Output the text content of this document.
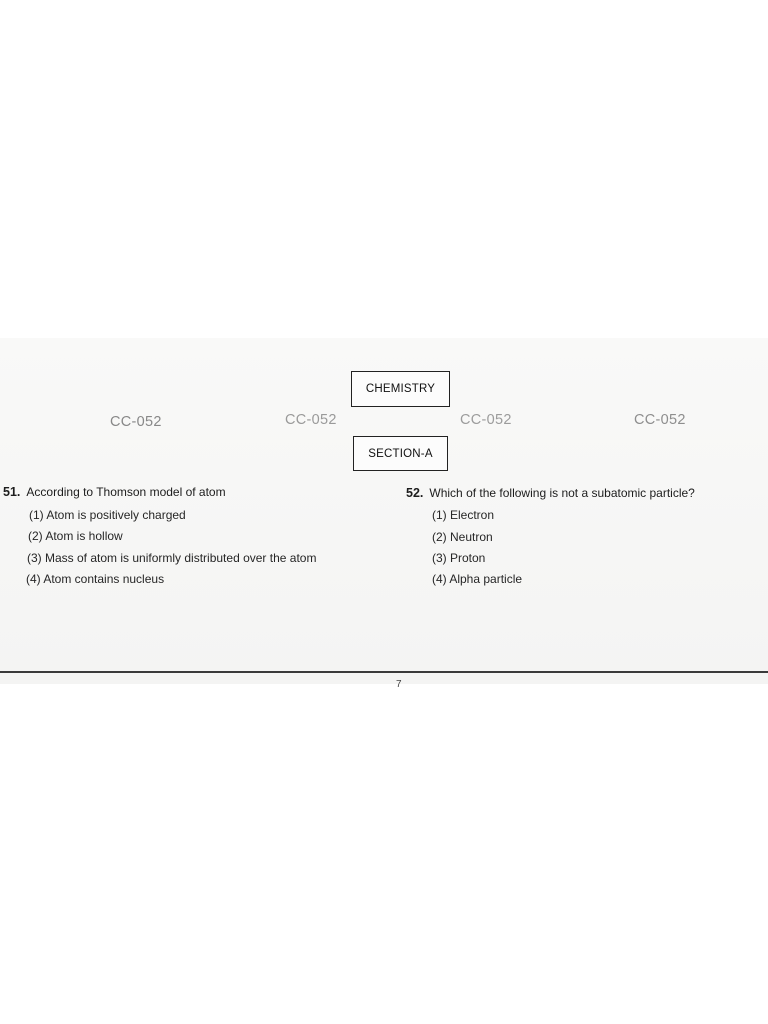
CHEMISTRY
CC-052	CC-052	CC-052	CC-052
SECTION-A
51. According to Thomson model of atom
(1) Atom is positively charged
(2) Atom is hollow
(3) Mass of atom is uniformly distributed over the atom
(4) Atom contains nucleus
52. Which of the following is not a subatomic particle?
(1) Electron
(2) Neutron
(3) Proton
(4) Alpha particle
7
